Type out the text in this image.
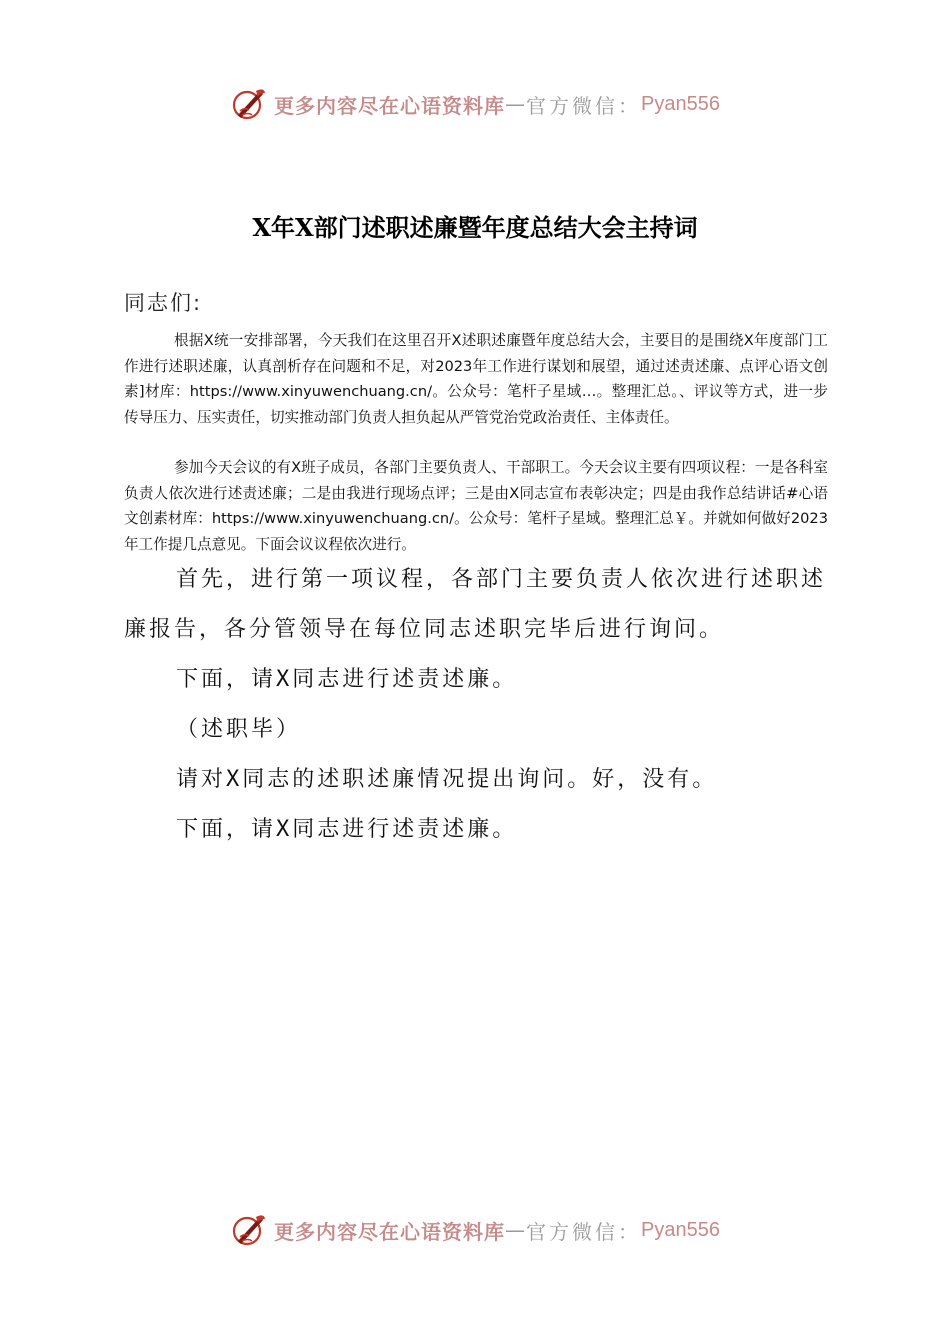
更多内容尽在心语资料库 — 官方微信： Pyan556
X年X部门述职述廉暨年度总结大会主持词
同志们:

根据X统一安排部署，今天我们在这里召开X述职述廉暨年度总结大会，主要目的是围绕X年度部门工作进行述职述廉，认真剖析存在问题和不足，对2023年工作进行谋划和展望，通过述责述廉、点评心语文创素]材库：https://www.xinyuwenchuang.cn/。公众号：笔杆子星域…。整理汇总。、评议等方式，进一步传导压力、压实责任，切实推动部门负责人担负起从严管党治党政治责任、主体责任。

参加今天会议的有X班子成员，各部门主要负责人、干部职工。今天会议主要有四项议程：一是各科室负责人依次进行述责述廉；二是由我进行现场点评；三是由X同志宣布表彰决定；四是由我作总结讲话#心语文创素材库：https://www.xinyuwenchuang.cn/。公众号：笔杆子星域。整理汇总￥。并就如何做好2023年工作提几点意见。下面会议议程依次进行。

首先，进行第一项议程，各部门主要负责人依次进行述职述廉报告，各分管领导在每位同志述职完毕后进行询问。

下面，请X同志进行述责述廉。

（述职毕）

请对X同志的述职述廉情况提出询问。好，没有。

下面，请X同志进行述责述廉。

更多内容尽在心语资料库 — 官方微信： Pyan556
